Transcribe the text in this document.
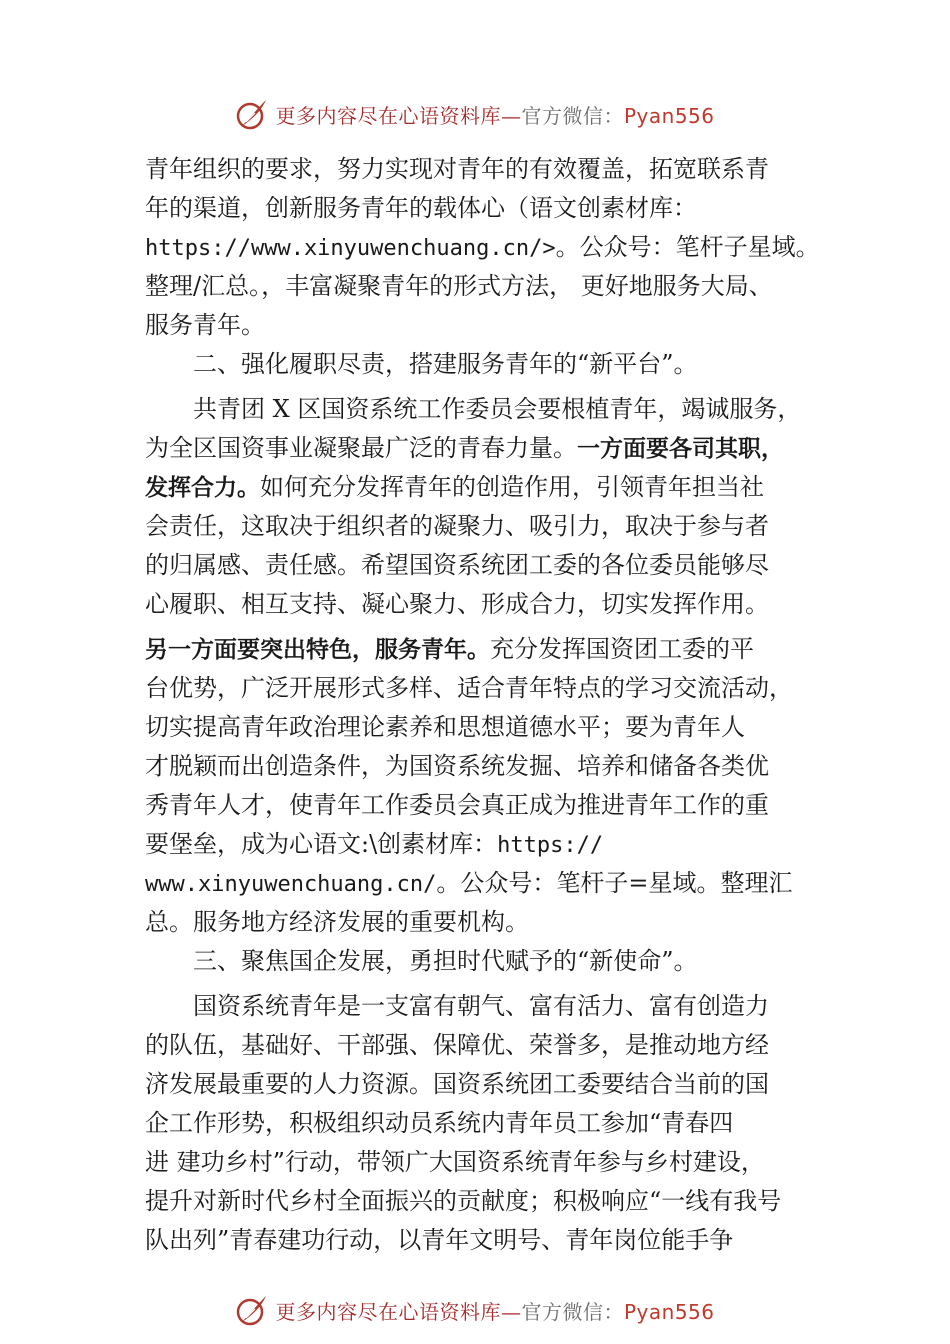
更多内容尽在心语资料库—官方微信：Pyan556
青年组织的要求，努力实现对青年的有效覆盖，拓宽联系青
年的渠道，创新服务青年的载体心（语文创素材库：
https://www.xinyuwenchuang.cn/>。公众号：笔杆子星域。
整理/汇总。，丰富凝聚青年的形式方法， 更好地服务大局、
服务青年。
二、强化履职尽责，搭建服务青年的“新平台”。
共青团 X 区国资系统工作委员会要根植青年，竭诚服务，
为全区国资事业凝聚最广泛的青春力量。一方面要各司其职，
发挥合力。如何充分发挥青年的创造作用，引领青年担当社
会责任，这取决于组织者的凝聚力、吸引力，取决于参与者
的归属感、责任感。希望国资系统团工委的各位委员能够尽
心履职、相互支持、凝心聚力、形成合力，切实发挥作用。
另一方面要突出特色，服务青年。充分发挥国资团工委的平
台优势，广泛开展形式多样、适合青年特点的学习交流活动，
切实提高青年政治理论素养和思想道德水平；要为青年人
才脱颖而出创造条件，为国资系统发掘、培养和储备各类优
秀青年人才，使青年工作委员会真正成为推进青年工作的重
要堡垒，成为心语文:\创素材库：https://
www.xinyuwenchuang.cn/。公众号：笔杆子=星域。整理汇
总。服务地方经济发展的重要机构。
三、聚焦国企发展，勇担时代赋予的“新使命”。
国资系统青年是一支富有朝气、富有活力、富有创造力
的队伍，基础好、干部强、保障优、荣誉多，是推动地方经
济发展最重要的人力资源。国资系统团工委要结合当前的国
企工作形势，积极组织动员系统内青年员工参加“青春四
进 建功乡村”行动，带领广大国资系统青年参与乡村建设，
提升对新时代乡村全面振兴的贡献度；积极响应“一线有我号
队出列”青春建功行动，以青年文明号、青年岗位能手争
更多内容尽在心语资料库—官方微信：Pyan556
